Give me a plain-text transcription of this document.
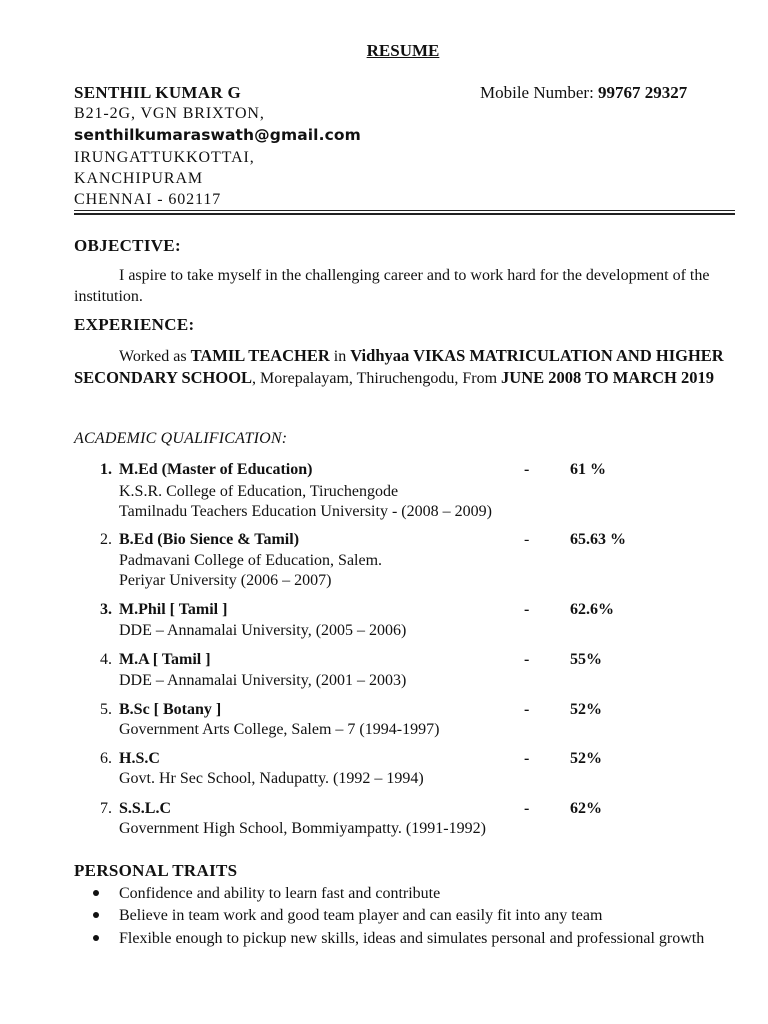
RESUME
SENTHIL KUMAR G	Mobile Number: 99767 29327
B21-2G, VGN BRIXTON,
senthilkumaraswath@gmail.com
IRUNGATTUKKOTTAI,
KANCHIPURAM
CHENNAI - 602117
OBJECTIVE:
I aspire to take myself in the challenging career and to work hard for the development of the institution.
EXPERIENCE:
Worked as TAMIL TEACHER in Vidhyaa VIKAS MATRICULATION AND HIGHER SECONDARY SCHOOL, Morepalayam, Thiruchengodu, From JUNE 2008 TO MARCH 2019
ACADEMIC QUALIFICATION:
1. M.Ed (Master of Education)	-	61 %
K.S.R. College of Education, Tiruchengode
Tamilnadu Teachers Education University - (2008 – 2009)
2. B.Ed (Bio Sience & Tamil)	-	65.63 %
Padmavani College of Education, Salem.
Periyar University (2006 – 2007)
3. M.Phil [ Tamil ]	-	62.6%
DDE – Annamalai University, (2005 – 2006)
4. M.A [ Tamil ]	-	55%
DDE – Annamalai University, (2001 – 2003)
5. B.Sc [ Botany ]	-	52%
Government Arts College, Salem – 7 (1994-1997)
6. H.S.C	-	52%
Govt. Hr Sec School, Nadupatty. (1992 – 1994)
7. S.S.L.C	-	62%
Government High School, Bommiyampatty. (1991-1992)
PERSONAL TRAITS
Confidence and ability to learn fast and contribute
Believe in team work and good team player and can easily fit into any team
Flexible enough to pickup new skills, ideas and simulates personal and professional growth
